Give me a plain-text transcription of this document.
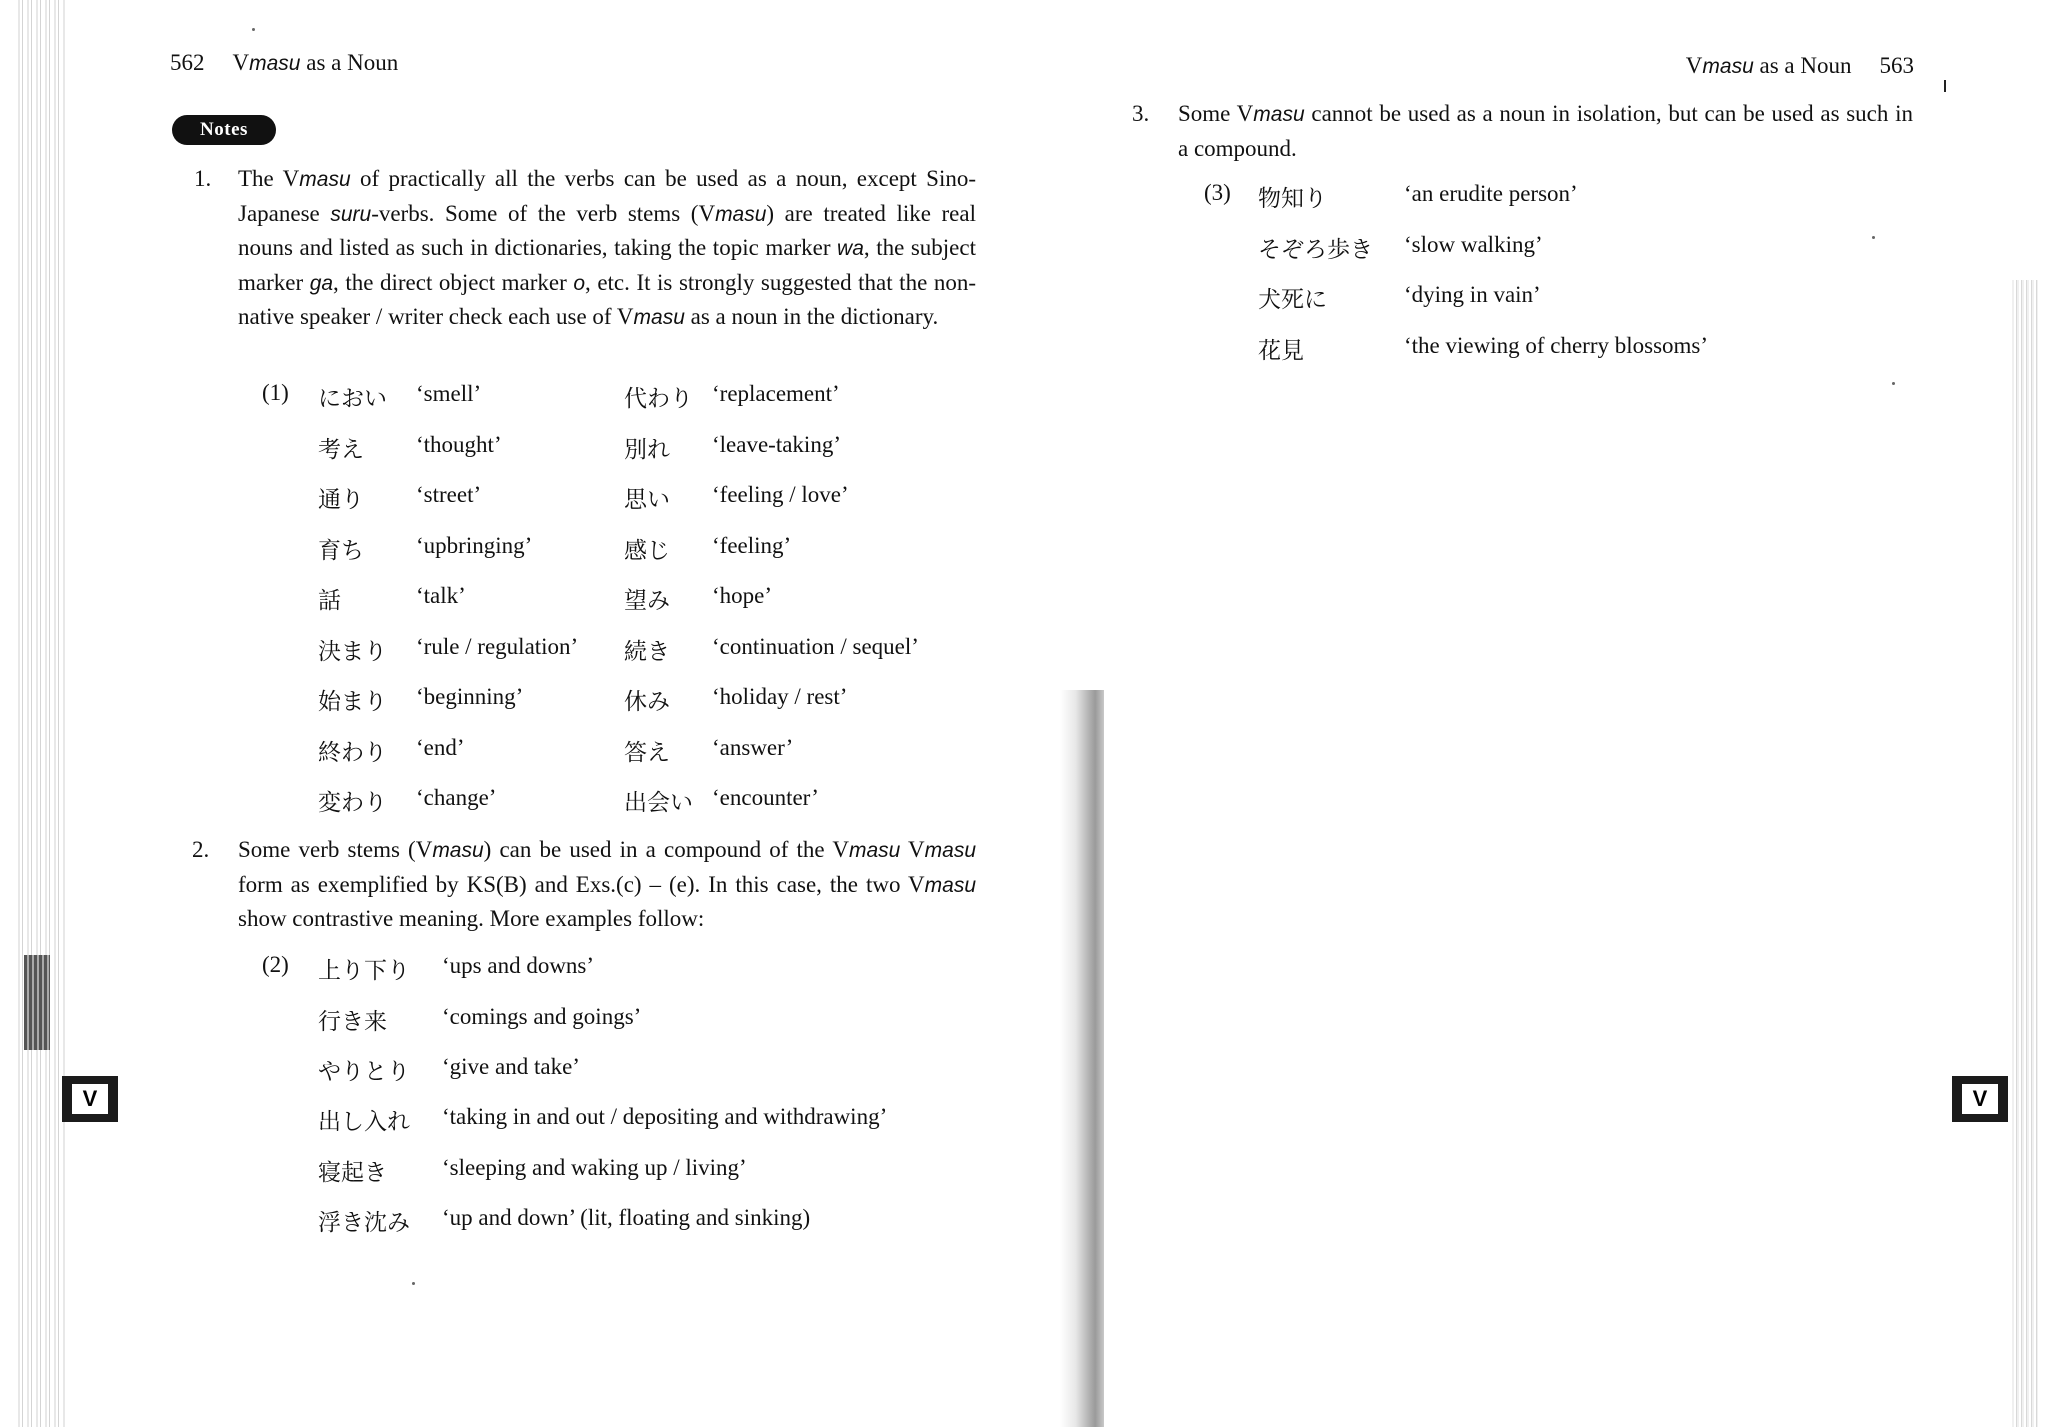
V	V
562 Vmasu as a Noun
Notes
1. The Vmasu of practically all the verbs can be used as a noun, except Sino-Japanese suru-verbs. Some of the verb stems (Vmasu) are treated like real nouns and listed as such in dictionaries, taking the topic marker wa, the subject marker ga, the direct object marker o, etc. It is strongly suggested that the non-native speaker / writer check each use of Vmasu as a noun in the dictionary.
(1) におい ‘smell’	代わり ‘replacement’
考え ‘thought’	別れ ‘leave-taking’
通り ‘street’	思い ‘feeling / love’
育ち ‘upbringing’	感じ ‘feeling’
話	‘talk’	望み ‘hope’
決まり ‘rule / regulation’ 続き ‘continuation / sequel’
始まり ‘beginning’	休み ‘holiday / rest’
終わり ‘end’	答え ‘answer’
変わり ‘change’	出会い ‘encounter’
2. Some verb stems (Vmasu) can be used in a compound of the Vmasu Vmasu form as exemplified by KS(B) and Exs.(c) – (e). In this case, the two Vmasu show contrastive meaning. More examples follow:
(2) 上り下り ‘ups and downs’
行き来 ‘comings and goings’
やりとり ‘give and take’
出し入れ ‘taking in and out / depositing and withdrawing’
寝起き ‘sleeping and waking up / living’
浮き沈み ‘up and down’ (lit, floating and sinking)
Vmasu as a Noun 563
3. Some Vmasu cannot be used as a noun in isolation, but can be used as such in a compound.
(3) 物知り	‘an erudite person’
そぞろ歩き ‘slow walking’
犬死に	‘dying in vain’
花見	‘the viewing of cherry blossoms’
